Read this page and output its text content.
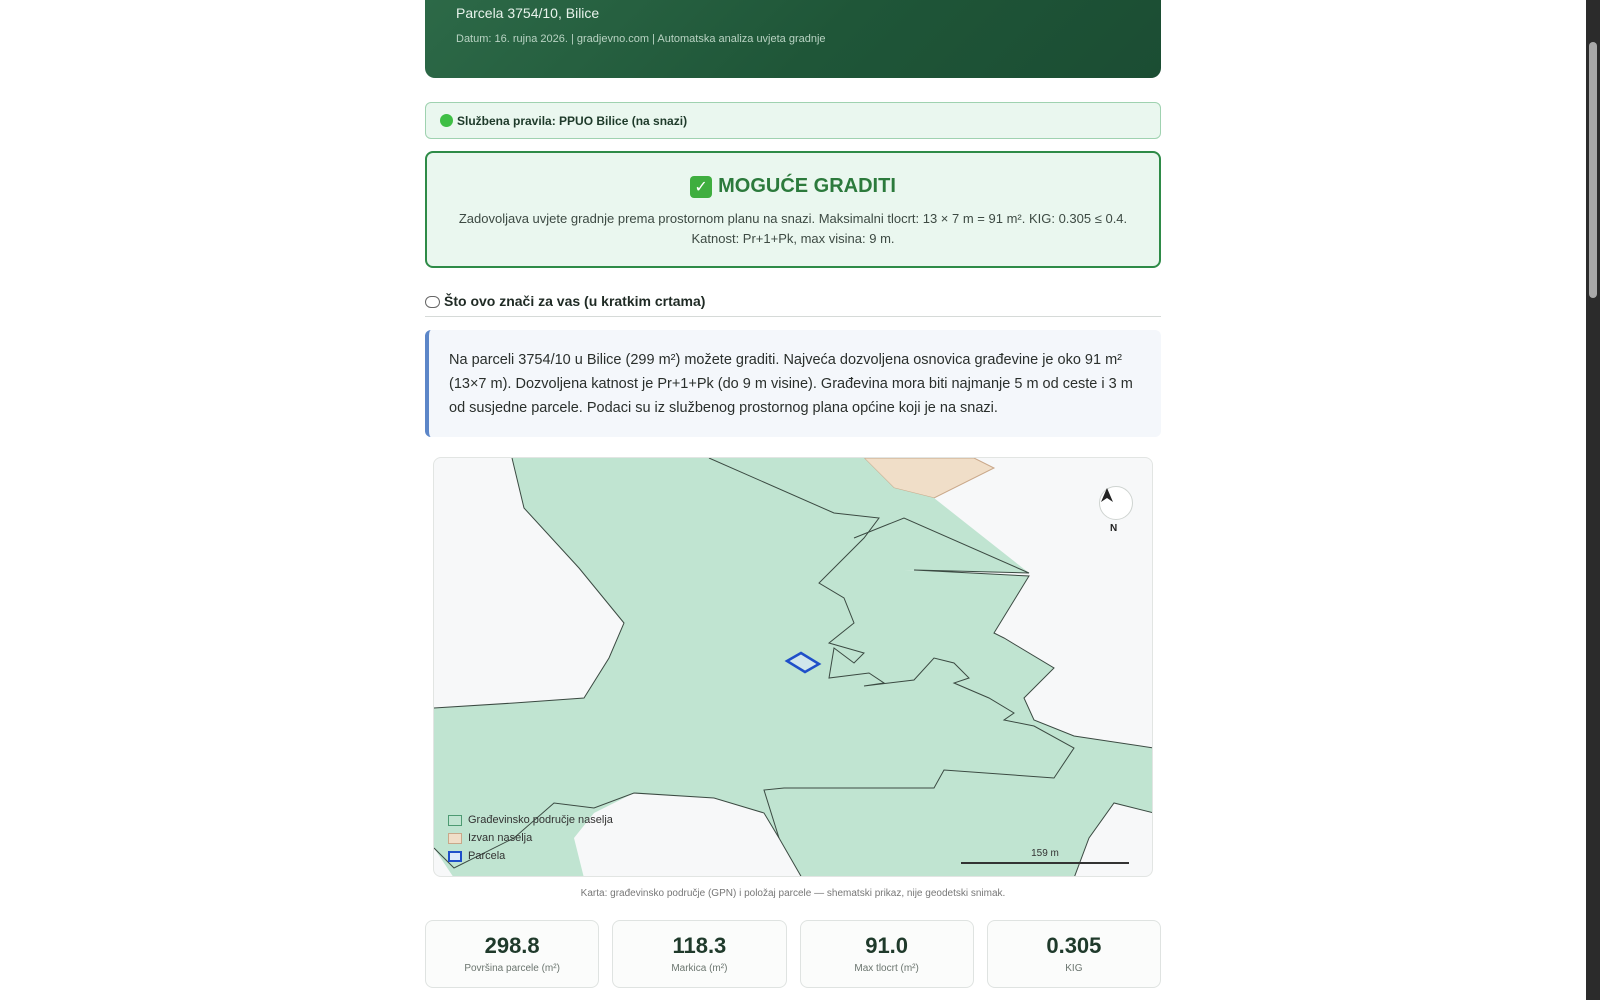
Parcela 3754/10, Bilice
Datum: 16. rujna 2026. | gradjevno.com | Automatska analiza uvjeta gradnje
Službena pravila: PPUO Bilice (na snazi)
✓ MOGUĆE GRADITI
Zadovoljava uvjete gradnje prema prostornom planu na snazi. Maksimalni tlocrt: 13 × 7 m = 91 m². KIG: 0.305 ≤ 0.4. Katnost: Pr+1+Pk, max visina: 9 m.
Što ovo znači za vas (u kratkim crtama)
Na parceli 3754/10 u Bilice (299 m²) možete graditi. Najveća dozvoljena osnovica građevine je oko 91 m² (13×7 m). Dozvoljena katnost je Pr+1+Pk (do 9 m visine). Građevina mora biti najmanje 5 m od ceste i 3 m od susjedne parcele. Podaci su iz službenog prostornog plana općine koji je na snazi.
N
Građevinsko područje naselja
Izvan naselja
Parcela	159 m
Karta: građevinsko područje (GPN) i položaj parcele — shematski prikaz, nije geodetski snimak.
298.8
Površina parcele (m²)
118.3
Markica (m²)
91.0
Max tlocrt (m²)
0.305
KIG
